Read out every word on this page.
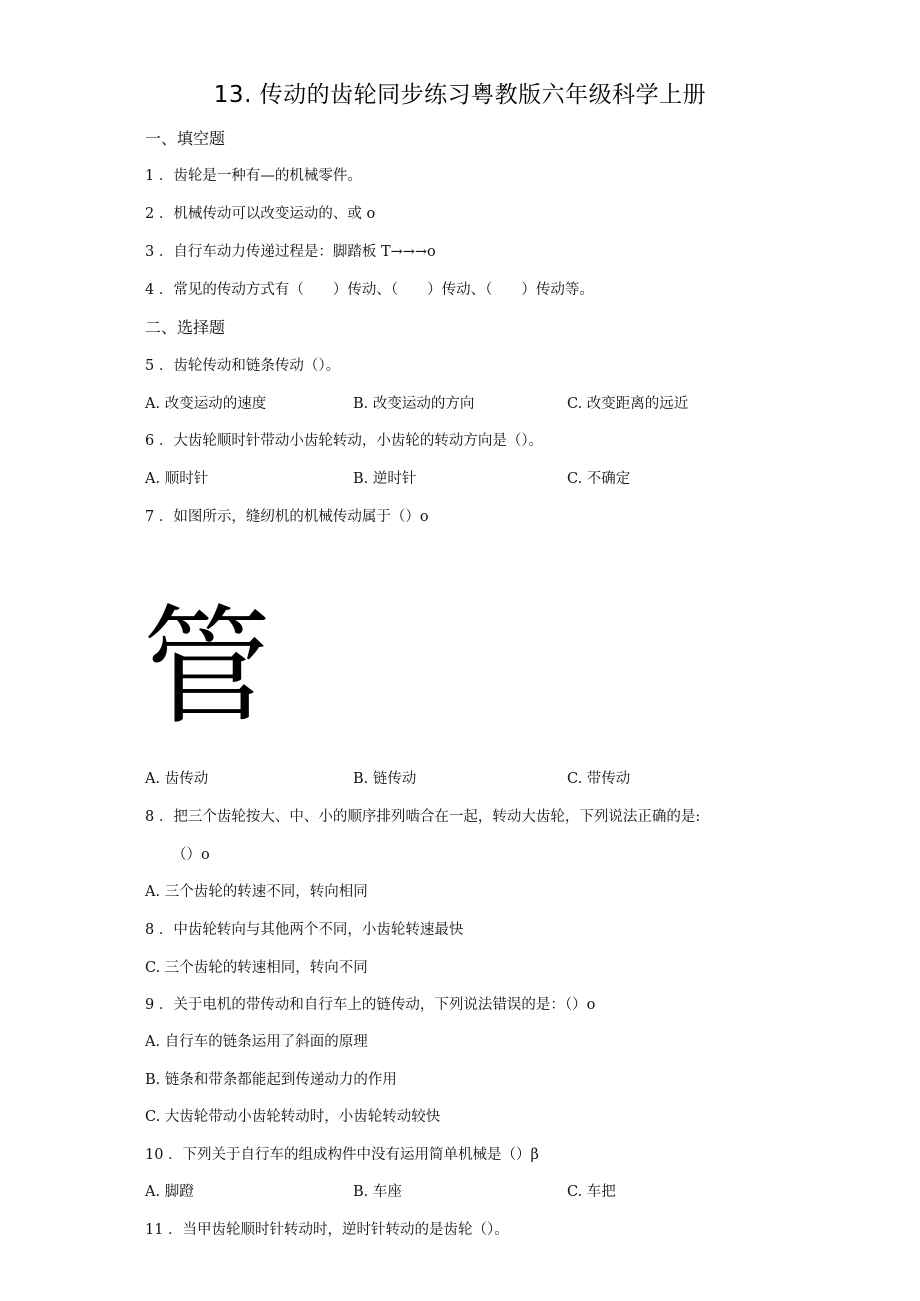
13. 传动的齿轮同步练习粤教版六年级科学上册
一、填空题
1 ．齿轮是一种有—的机械零件。
2 ．机械传动可以改变运动的、或 o
3 ．自行车动力传递过程是：脚踏板 T→→→o
4 ．常见的传动方式有（　　）传动、（　　）传动、（　　）传动等。
二、选择题
5 ．齿轮传动和链条传动（）。
A. 改变运动的速度	B. 改变运动的方向	C. 改变距离的远近
6 ．大齿轮顺时针带动小齿轮转动，小齿轮的转动方向是（）。
A. 顺时针	B. 逆时针	C. 不确定
7 ．如图所示，缝纫机的机械传动属于（）o
管
A. 齿传动	B. 链传动	C. 带传动
8 ．把三个齿轮按大、中、小的顺序排列啮合在一起，转动大齿轮，下列说法正确的是:
（）o
A. 三个齿轮的转速不同，转向相同
8 ．中齿轮转向与其他两个不同，小齿轮转速最快
C. 三个齿轮的转速相同，转向不同
9 ．关于电机的带传动和自行车上的链传动，下列说法错误的是：（）o
A. 自行车的链条运用了斜面的原理
B. 链条和带条都能起到传递动力的作用
C. 大齿轮带动小齿轮转动时，小齿轮转动较快
10 ．下列关于自行车的组成构件中没有运用简单机械是（）β
A. 脚蹬	B. 车座	C. 车把
11 ．当甲齿轮顺时针转动时，逆时针转动的是齿轮（）。
